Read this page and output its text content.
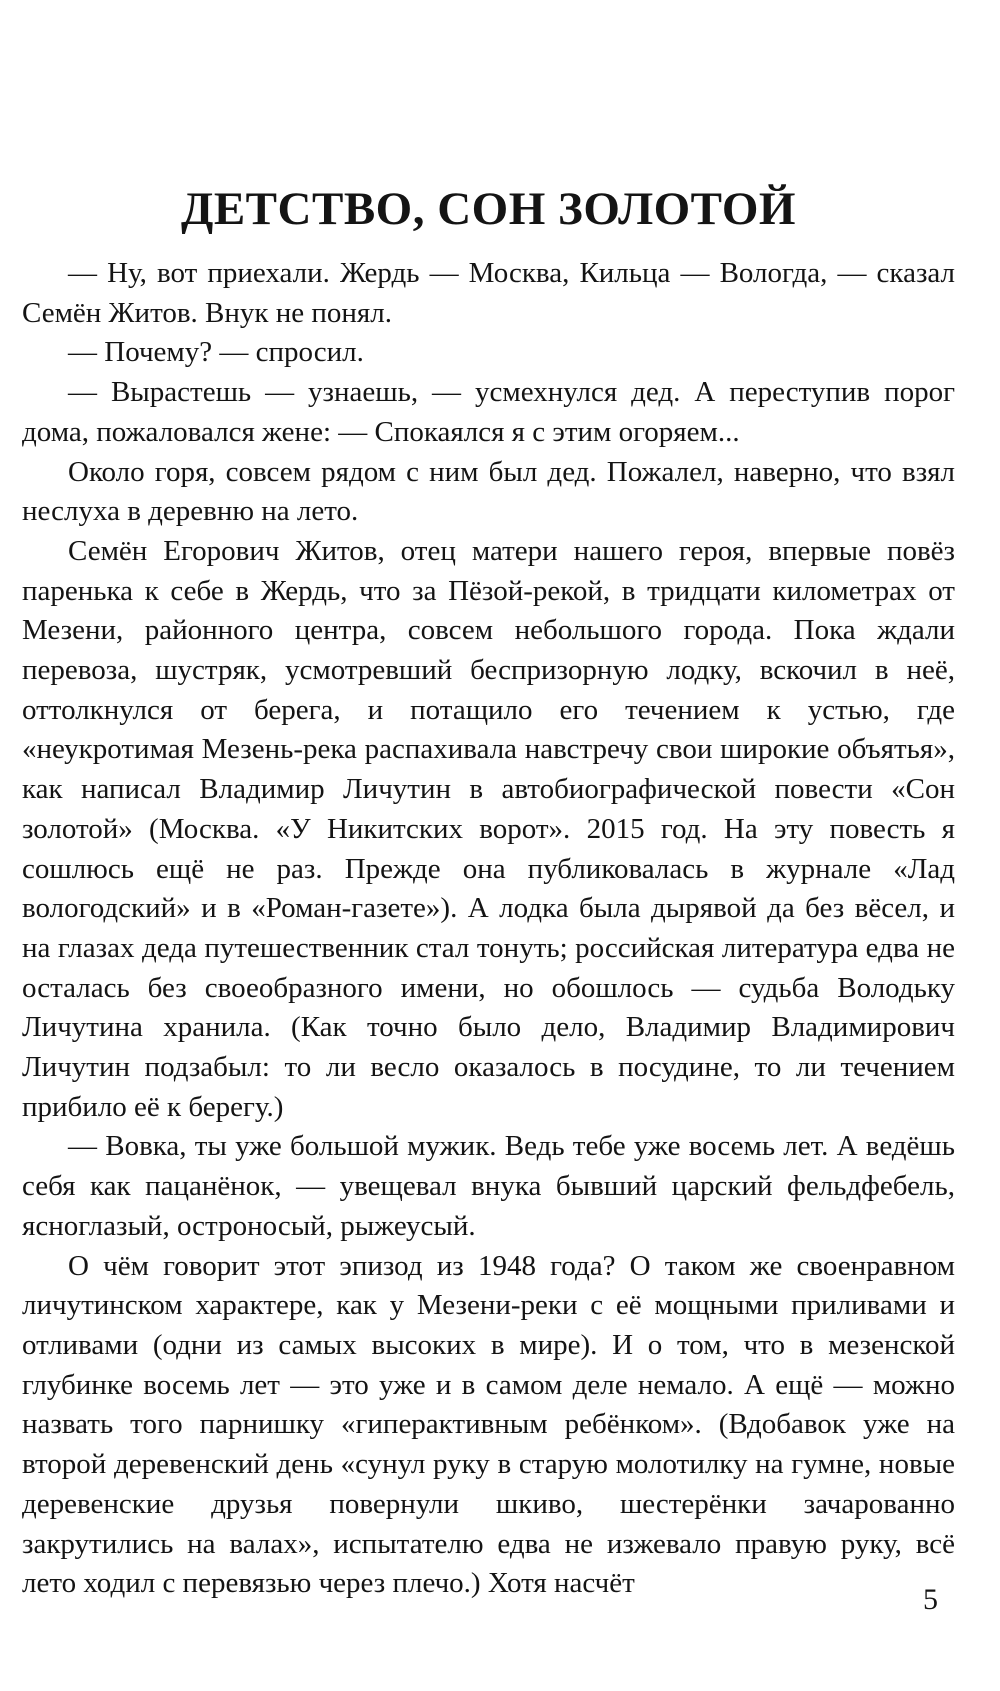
ДЕТСТВО, СОН ЗОЛОТОЙ

— Ну, вот приехали. Жердь — Москва, Кильца — Вологда, — сказал Семён Житов. Внук не понял.

— Почему? — спросил.

— Вырастешь — узнаешь, — усмехнулся дед. А переступив порог дома, пожаловался жене: — Спокаялся я с этим огоряем...

Около горя, совсем рядом с ним был дед. Пожалел, наверно, что взял неслуха в деревню на лето.

Семён Егорович Житов, отец матери нашего героя, впервые повёз паренька к себе в Жердь, что за Пёзой-рекой, в тридцати километрах от Мезени, районного центра, совсем небольшого города. Пока ждали перевоза, шустряк, усмотревший беспризорную лодку, вскочил в неё, оттолкнулся от берега, и потащило его течением к устью, где «неукротимая Мезень-река распахивала навстречу свои широкие объятья», как написал Владимир Личутин в автобиографической повести «Сон золотой» (Москва. «У Никитских ворот». 2015 год. На эту повесть я сошлюсь ещё не раз. Прежде она публиковалась в журнале «Лад вологодский» и в «Роман-газете»). А лодка была дырявой да без вёсел, и на глазах деда путешественник стал тонуть; российская литература едва не осталась без своеобразного имени, но обошлось — судьба Володьку Личутина хранила. (Как точно было дело, Владимир Владимирович Личутин подзабыл: то ли весло оказалось в посудине, то ли течением прибило её к берегу.)

— Вовка, ты уже большой мужик. Ведь тебе уже восемь лет. А ведёшь себя как пацанёнок, — увещевал внука бывший царский фельдфебель, ясноглазый, остроносый, рыжеусый.

О чём говорит этот эпизод из 1948 года? О таком же своенравном личутинском характере, как у Мезени-реки с её мощными приливами и отливами (одни из самых высоких в мире). И о том, что в мезенской глубинке восемь лет — это уже и в самом деле немало. А ещё — можно назвать того парнишку «гиперактивным ребёнком». (Вдобавок уже на второй деревенский день «сунул руку в старую молотилку на гумне, новые деревенские друзья повернули шкиво, шестерёнки зачарованно закрутились на валах», испытателю едва не изжевало правую руку, всё лето ходил с перевязью через плечо.) Хотя насчёт	5
